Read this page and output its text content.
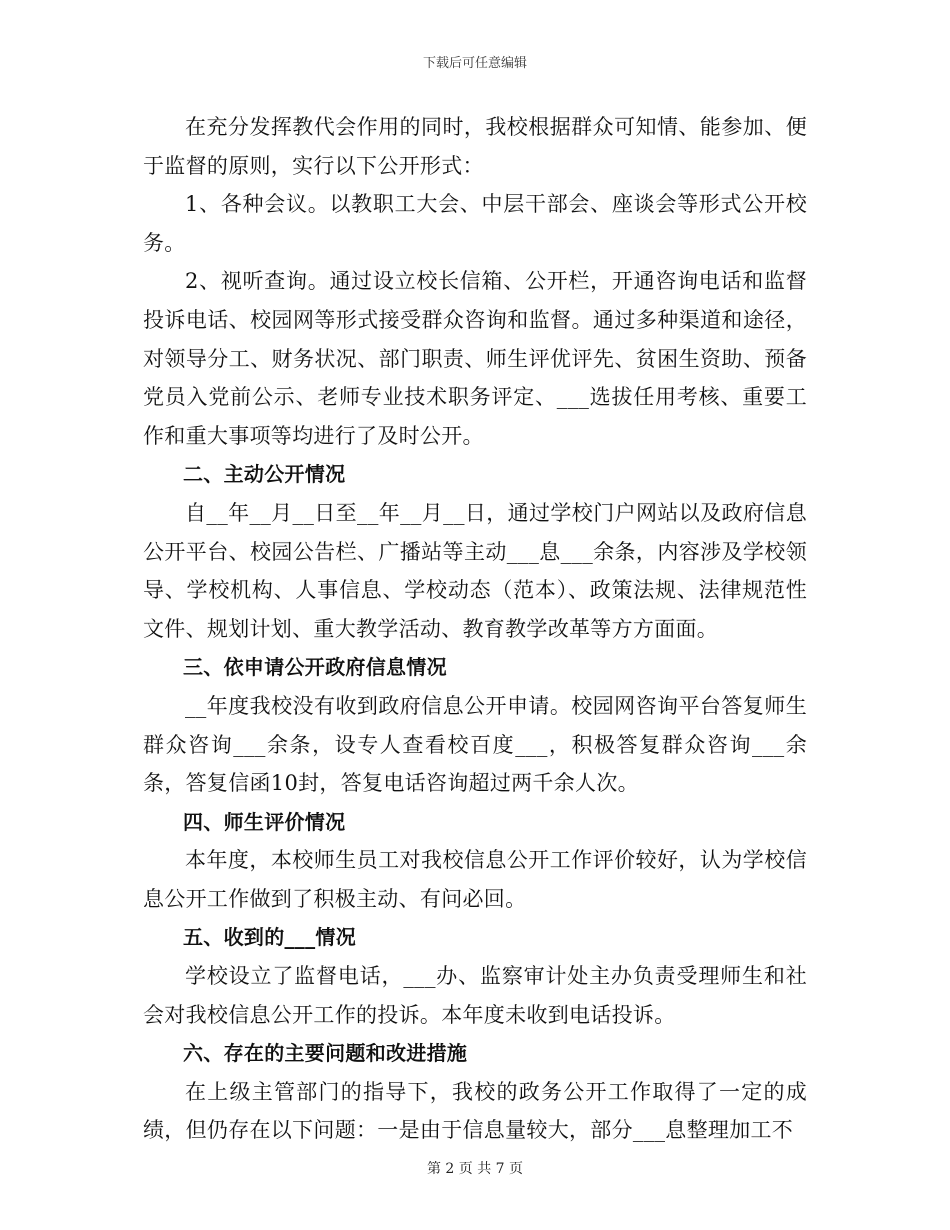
下载后可任意编辑

在充分发挥教代会作用的同时，我校根据群众可知情、能参加、便于监督的原则，实行以下公开形式：

1、各种会议。以教职工大会、中层干部会、座谈会等形式公开校务。

2、视听查询。通过设立校长信箱、公开栏，开通咨询电话和监督投诉电话、校园网等形式接受群众咨询和监督。通过多种渠道和途径，对领导分工、财务状况、部门职责、师生评优评先、贫困生资助、预备党员入党前公示、老师专业技术职务评定、___选拔任用考核、重要工作和重大事项等均进行了及时公开。

二、主动公开情况

自__年__月__日至__年__月__日，通过学校门户网站以及政府信息公开平台、校园公告栏、广播站等主动___息___余条，内容涉及学校领导、学校机构、人事信息、学校动态（范本）、政策法规、法律规范性文件、规划计划、重大教学活动、教育教学改革等方方面面。

三、依申请公开政府信息情况

__年度我校没有收到政府信息公开申请。校园网咨询平台答复师生群众咨询___余条，设专人查看校百度___，积极答复群众咨询___余条，答复信函10封，答复电话咨询超过两千余人次。

四、师生评价情况

本年度，本校师生员工对我校信息公开工作评价较好，认为学校信息公开工作做到了积极主动、有问必回。

五、收到的___情况

学校设立了监督电话，___办、监察审计处主办负责受理师生和社会对我校信息公开工作的投诉。本年度未收到电话投诉。

六、存在的主要问题和改进措施

在上级主管部门的指导下，我校的政务公开工作取得了一定的成绩，但仍存在以下问题：一是由于信息量较大，部分___息整理加工不

第 2 页 共 7 页
